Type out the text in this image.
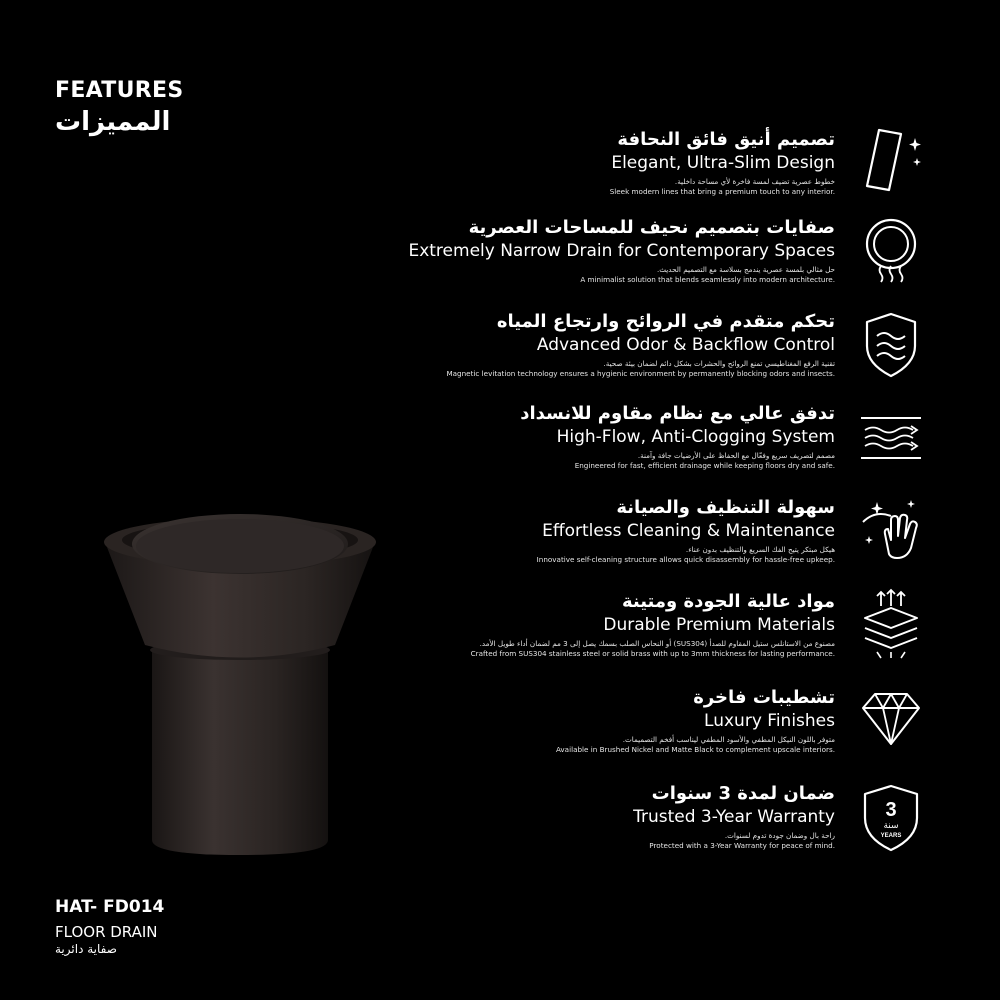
FEATURES
المميزات
تصميم أنيق فائق النحافة
Elegant, Ultra-Slim Design
خطوط عصرية تضيف لمسة فاخرة لأي مساحة داخلية.
Sleek modern lines that bring a premium touch to any interior.
صفايات بتصميم نحيف للمساحات العصرية
Extremely Narrow Drain for Contemporary Spaces
حل مثالي بلمسة عصرية يندمج بسلاسة مع التصميم الحديث.
A minimalist solution that blends seamlessly into modern architecture.
تحكم متقدم في الروائح وارتجاع المياه
Advanced Odor & Backflow Control
تقنية الرفع المغناطيسي تمنع الروائح والحشرات بشكل دائم لضمان بيئة صحية.
Magnetic levitation technology ensures a hygienic environment by permanently blocking odors and insects.
تدفق عالي مع نظام مقاوم للانسداد
High-Flow, Anti-Clogging System
مصمم لتصريف سريع وفعّال مع الحفاظ على الأرضيات جافة وآمنة.
Engineered for fast, efficient drainage while keeping floors dry and safe.
سهولة التنظيف والصيانة
Effortless Cleaning & Maintenance
هيكل مبتكر يتيح الفك السريع والتنظيف بدون عناء.
Innovative self-cleaning structure allows quick disassembly for hassle-free upkeep.
مواد عالية الجودة ومتينة
Durable Premium Materials
مصنوع من الاستانلس ستيل المقاوم للصدأ (SUS304) أو النحاس الصلب بسمك يصل إلى 3 مم لضمان أداء طويل الأمد.
Crafted from SUS304 stainless steel or solid brass with up to 3mm thickness for lasting performance.
تشطيبات فاخرة
Luxury Finishes
متوفر باللون النيكل المطفي والأسود المطفي ليناسب أفخم التصميمات.
Available in Brushed Nickel and Matte Black to complement upscale interiors.
ضمان لمدة 3 سنوات
Trusted 3-Year Warranty
راحة بال وضمان جودة تدوم لسنوات.
Protected with a 3-Year Warranty for peace of mind.
3
سنة
YEARS
HAT- FD014
FLOOR DRAIN
صفاية دائرية
